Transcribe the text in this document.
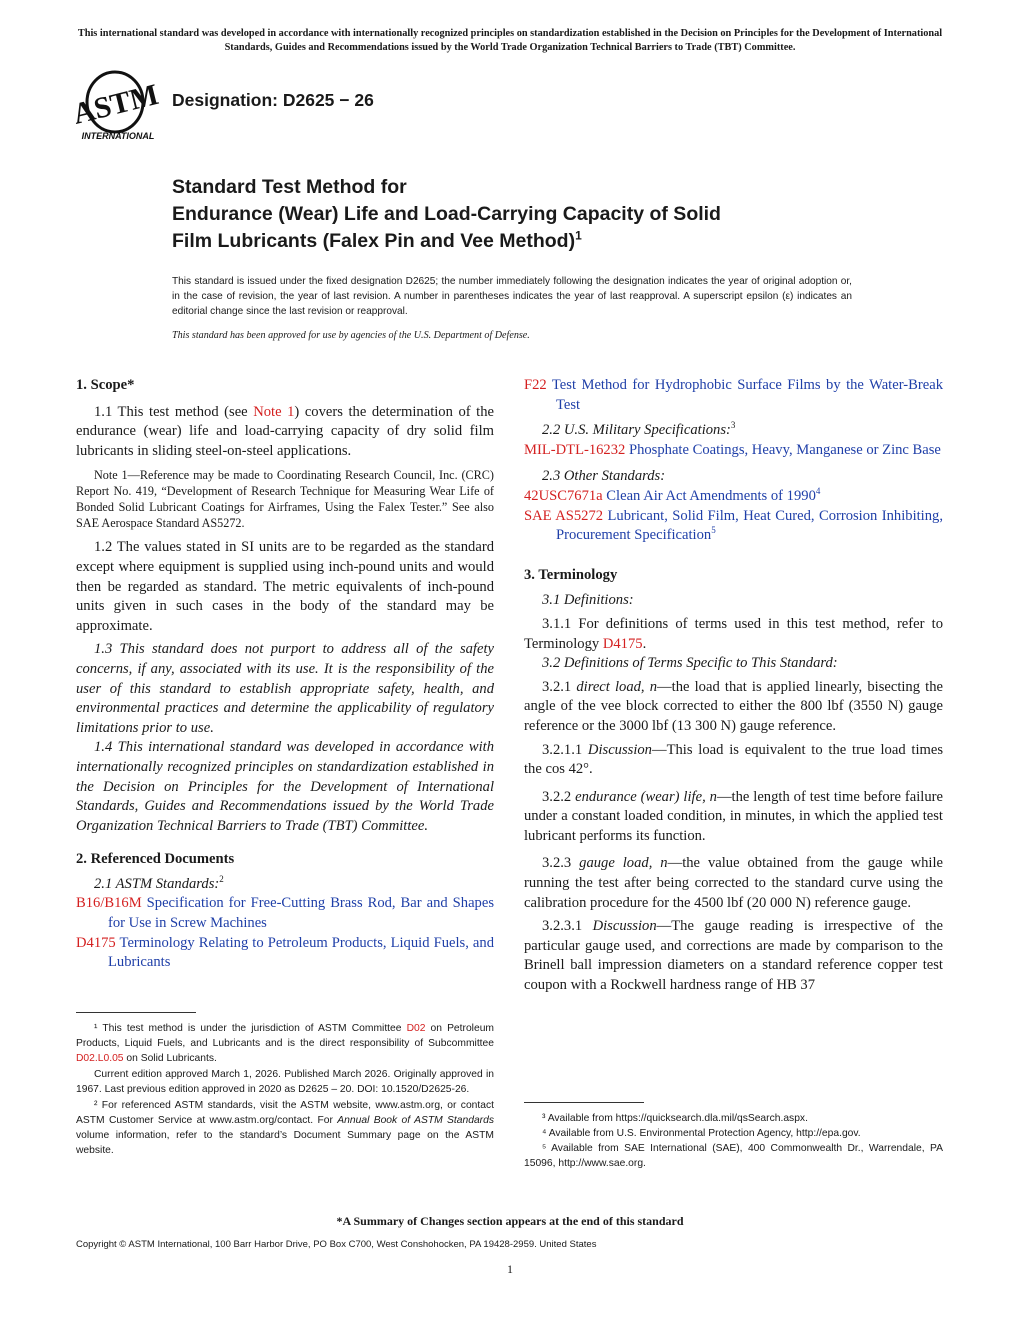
This international standard was developed in accordance with internationally recognized principles on standardization established in the Decision on Principles for the Development of International Standards, Guides and Recommendations issued by the World Trade Organization Technical Barriers to Trade (TBT) Committee.
ASTM
INTERNATIONAL
Designation: D2625 − 26
Standard Test Method for
Endurance (Wear) Life and Load-Carrying Capacity of Solid
Film Lubricants (Falex Pin and Vee Method)$^1$
This standard is issued under the fixed designation D2625; the number immediately following the designation indicates the year of original adoption or, in the case of revision, the year of last revision. A number in parentheses indicates the year of last reapproval. A superscript epsilon (ε) indicates an editorial change since the last revision or reapproval.
This standard has been approved for use by agencies of the U.S. Department of Defense.

1. Scope*

1.1 This test method (see Note 1) covers the determination of the endurance (wear) life and load-carrying capacity of dry solid film lubricants in sliding steel-on-steel applications.

Note 1—Reference may be made to Coordinating Research Council, Inc. (CRC) Report No. 419, “Development of Research Technique for Measuring Wear Life of Bonded Solid Lubricant Coatings for Airframes, Using the Falex Tester.” See also SAE Aerospace Standard AS5272.

1.2 The values stated in SI units are to be regarded as the standard except where equipment is supplied using inch-pound units and would then be regarded as standard. The metric equivalents of inch-pound units given in such cases in the body of the standard may be approximate.

1.3 This standard does not purport to address all of the safety concerns, if any, associated with its use. It is the responsibility of the user of this standard to establish appropriate safety, health, and environmental practices and determine the applicability of regulatory limitations prior to use.

1.4 This international standard was developed in accordance with internationally recognized principles on standardization established in the Decision on Principles for the Development of International Standards, Guides and Recommendations issued by the World Trade Organization Technical Barriers to Trade (TBT) Committee.

2. Referenced Documents

2.1 ASTM Standards:$^2$

B16/B16M Specification for Free-Cutting Brass Rod, Bar and Shapes for Use in Screw Machines

D4175 Terminology Relating to Petroleum Products, Liquid Fuels, and Lubricants

F22 Test Method for Hydrophobic Surface Films by the Water-Break Test

2.2 U.S. Military Specifications:$^3$

MIL-DTL-16232 Phosphate Coatings, Heavy, Manganese or Zinc Base

2.3 Other Standards:

42USC7671a Clean Air Act Amendments of 1990$^4$

SAE AS5272 Lubricant, Solid Film, Heat Cured, Corrosion Inhibiting, Procurement Specification$^5$

3. Terminology

3.1 Definitions:

3.1.1 For definitions of terms used in this test method, refer to Terminology D4175.

3.2 Definitions of Terms Specific to This Standard:

3.2.1 direct load, n—the load that is applied linearly, bisecting the angle of the vee block corrected to either the 800 lbf (3550 N) gauge reference or the 3000 lbf (13 300 N) gauge reference.

3.2.1.1 Discussion—This load is equivalent to the true load times the cos 42°.

3.2.2 endurance (wear) life, n—the length of test time before failure under a constant loaded condition, in minutes, in which the applied test lubricant performs its function.

3.2.3 gauge load, n—the value obtained from the gauge while running the test after being corrected to the standard curve using the calibration procedure for the 4500 lbf (20 000 N) reference gauge.

3.2.3.1 Discussion—The gauge reading is irrespective of the particular gauge used, and corrections are made by comparison to the Brinell ball impression diameters on a standard reference copper test coupon with a Rockwell hardness range of HB 37

¹ This test method is under the jurisdiction of ASTM Committee D02 on Petroleum Products, Liquid Fuels, and Lubricants and is the direct responsibility of Subcommittee D02.L0.05 on Solid Lubricants.

Current edition approved March 1, 2026. Published March 2026. Originally approved in 1967. Last previous edition approved in 2020 as D2625 – 20. DOI: 10.1520/D2625-26.

² For referenced ASTM standards, visit the ASTM website, www.astm.org, or contact ASTM Customer Service at www.astm.org/contact. For Annual Book of ASTM Standards volume information, refer to the standard’s Document Summary page on the ASTM website.

³ Available from https://quicksearch.dla.mil/qsSearch.aspx.

⁴ Available from U.S. Environmental Protection Agency, http://epa.gov.

⁵ Available from SAE International (SAE), 400 Commonwealth Dr., Warrendale, PA 15096, http://www.sae.org.

*A Summary of Changes section appears at the end of this standard
Copyright © ASTM International, 100 Barr Harbor Drive, PO Box C700, West Conshohocken, PA 19428-2959. United States
1
